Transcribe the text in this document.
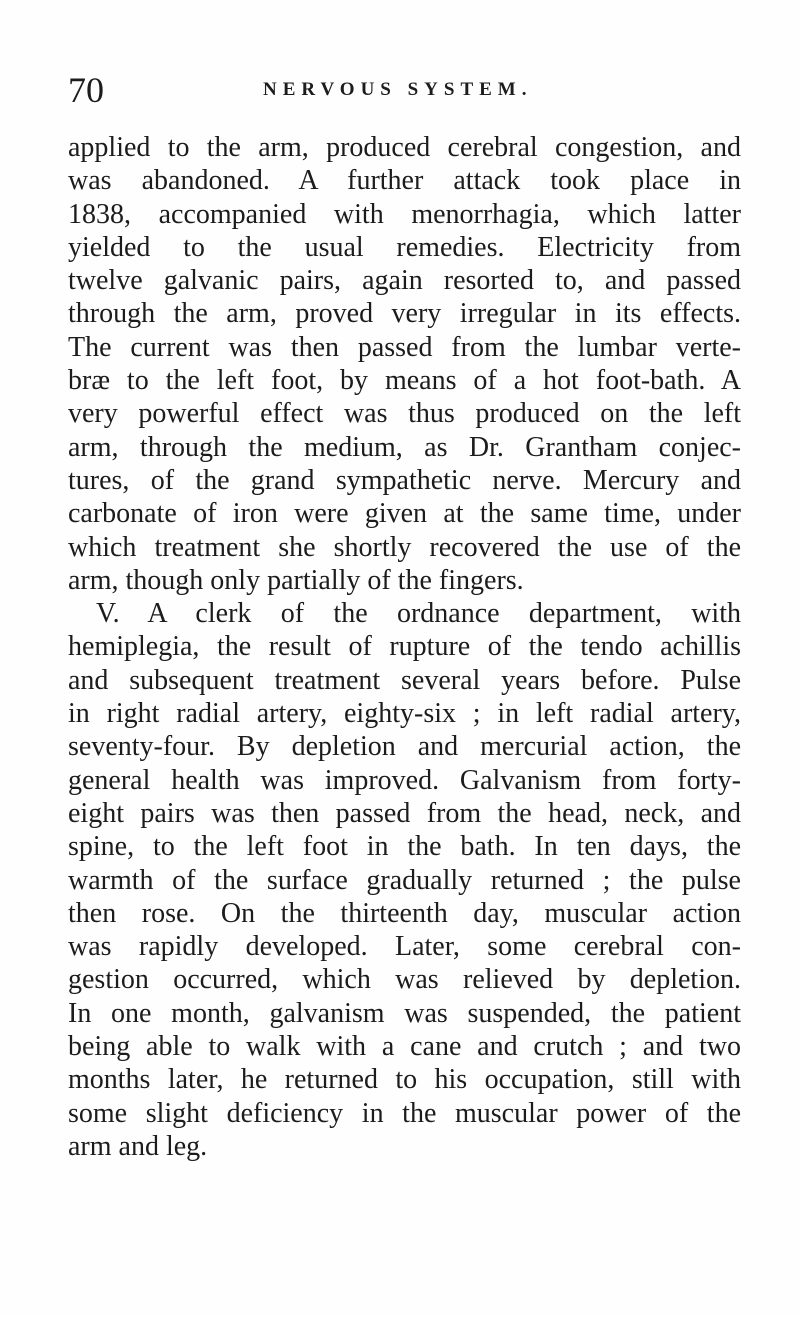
70	NERVOUS SYSTEM.
applied to the arm, produced cerebral congestion, and
was abandoned. A further attack took place in
1838, accompanied with menorrhagia, which latter
yielded to the usual remedies. Electricity from
twelve galvanic pairs, again resorted to, and passed
through the arm, proved very irregular in its effects.
The current was then passed from the lumbar verte-
bræ to the left foot, by means of a hot foot-bath. A
very powerful effect was thus produced on the left
arm, through the medium, as Dr. Grantham conjec-
tures, of the grand sympathetic nerve. Mercury and
carbonate of iron were given at the same time, under
which treatment she shortly recovered the use of the
arm, though only partially of the fingers.
V. A clerk of the ordnance department, with
hemiplegia, the result of rupture of the tendo achillis
and subsequent treatment several years before. Pulse
in right radial artery, eighty-six ; in left radial artery,
seventy-four. By depletion and mercurial action, the
general health was improved. Galvanism from forty-
eight pairs was then passed from the head, neck, and
spine, to the left foot in the bath. In ten days, the
warmth of the surface gradually returned ; the pulse
then rose. On the thirteenth day, muscular action
was rapidly developed. Later, some cerebral con-
gestion occurred, which was relieved by depletion.
In one month, galvanism was suspended, the patient
being able to walk with a cane and crutch ; and two
months later, he returned to his occupation, still with
some slight deficiency in the muscular power of the
arm and leg.
